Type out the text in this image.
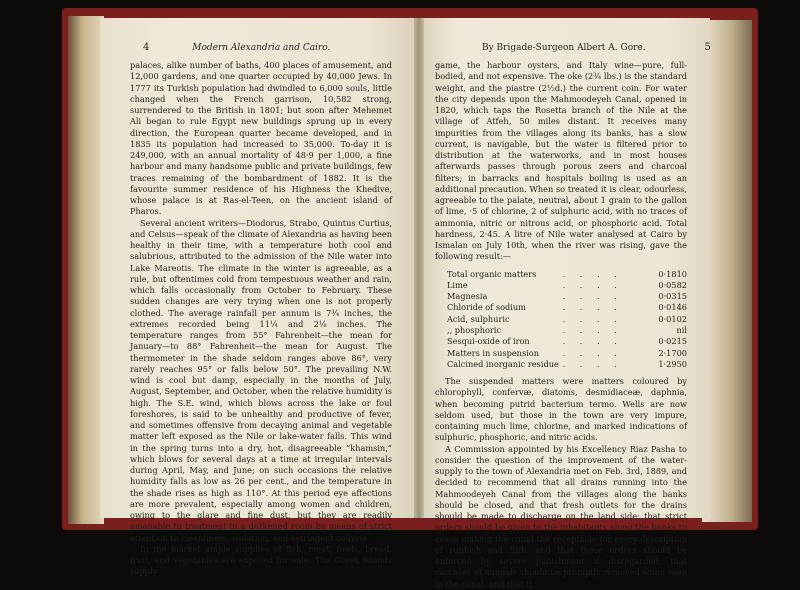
4	Modern Alexandria and Cairo.	By Brigade-Surgeon Albert A. Gore.	5

palaces, alike number of baths, 400 places of amusement, and 12,000 gardens, and one quarter occupied by 40,000 Jews. In 1777 its Turkish population had dwindled to 6,000 souls, little changed when the French garrison, 10,582 strong, surrendered to the British in 1801; but soon after Mehemet Ali began to rule Egypt new buildings sprung up in every direction, the European quarter became developed, and in 1835 its population had increased to 35,000. To-day it is 249,000, with an annual mortality of 48·9 per 1,000, a fine harbour and many handsome public and private buildings, few traces remaining of the bombardment of 1882. It is the favourite summer residence of his Highness the Khedive, whose palace is at Ras-el-Teen, on the ancient island of Pharos.

Several ancient writers—Diodorus, Strabo, Quintus Curtius, and Celsus—speak of the climate of Alexandria as having been healthy in their time, with a temperature both cool and salubrious, attributed to the admission of the Nile water into Lake Mareotis. The climate in the winter is agreeable, as a rule, but oftentimes cold from tempestuous weather and rain, which falls occasionally from October to February. These sudden changes are very trying when one is not properly clothed. The average rainfall per annum is 7¾ inches, the extremes recorded being 11¼ and 2⅛ inches. The temperature ranges from 55° Fahrenheit—the mean for January—to 88° Fahrenheit—the mean for August. The thermometer in the shade seldom ranges above 86°, very rarely reaches 95° or falls below 50°. The prevailing N.W. wind is cool but damp, especially in the months of July, August, September, and October, when the relative humidity is high. The S.E. wind, which blows across the lake or foul foreshores, is said to be unhealthy and productive of fever, and sometimes offensive from decaying animal and vegetable matter left exposed as the Nile or lake-water falls. This wind in the spring turns into a dry, hot, disagreeable “khamsin,” which blows for several days at a time at irregular intervals during April, May, and June; on such occasions the relative humidity falls as low as 26 per cent., and the temperature in the shade rises as high as 110°. At this period eye affections are more prevalent, especially among women and children, owing to the glare and fine dust, but they are readily amenable to treatment in a darkened room by means of strict attention to cleanliness, isolation, and astringent collyria.

In the market ample supplies of fish, meat, fowls, bread, fruit, and vegetables are exposed for sale. The Greek islands supply

game, the harbour oysters, and Italy wine—pure, full-bodied, and not expensive. The oke (2¾ lbs.) is the standard weight, and the piastre (2½d.) the current coin. For water the city depends upon the Mahmoodeyeh Canal, opened in 1820, which taps the Rosetta branch of the Nile at the village of Atfeh, 50 miles distant. It receives many impurities from the villages along its banks, has a slow current, is navigable, but the water is filtered prior to distribution at the waterworks, and in most houses afterwards passes through porous zeers and charcoal filters; in barracks and hospitals boiling is used as an additional precaution. When so treated it is clear, odourless, agreeable to the palate, neutral, about 1 grain to the gallon of lime, ·5 of chlorine, 2 of sulphuric acid, with no traces of ammonia, nitric or nitrous acid, or phosphoric acid. Total hardness, 2·45. A litre of Nile water analysed at Cairo by Ismalan on July 10th, when the river was rising, gave the following result:—

Total organic matters	. . . .	0·1810
Lime	. . . .	0·0582
Magnesia	. . . .	0·0315
Chloride of sodium	. . . .	0·0146
Acid, sulphuric	. . . .	0·0102
,, phosphoric	. . . .	nil
Sesqui-oxide of iron	. . . .	0·0215
Matters in suspension	. . . .	2·1700
Calcined inorganic residue	. . . .	1·2950

The suspended matters were matters coloured by chlorophyll, confervæ, diatoms, desmidiaceæ, daphnia, when becoming putrid bacterium termo. Wells are now seldom used, but those in the town are very impure, containing much lime, chlorine, and marked indications of sulphuric, phosphoric, and nitric acids.

A Commission appointed by his Excellency Riaz Pasha to consider the question of the improvement of the water-supply to the town of Alexandria met on Feb. 3rd, 1889, and decided to recommend that all drains running into the Mahmoodeyeh Canal from the villages along the banks should be closed, and that fresh outlets for the drains should be made to discharge on the land side; that strict orders should be given to the inhabitants along the banks to cease making the canal the receptacle for every description of rubbish and filth, and that these orders should be enforced by severe punishment if disregarded; that carcases of animals should be promptly removed when seen in the canal, and that it
